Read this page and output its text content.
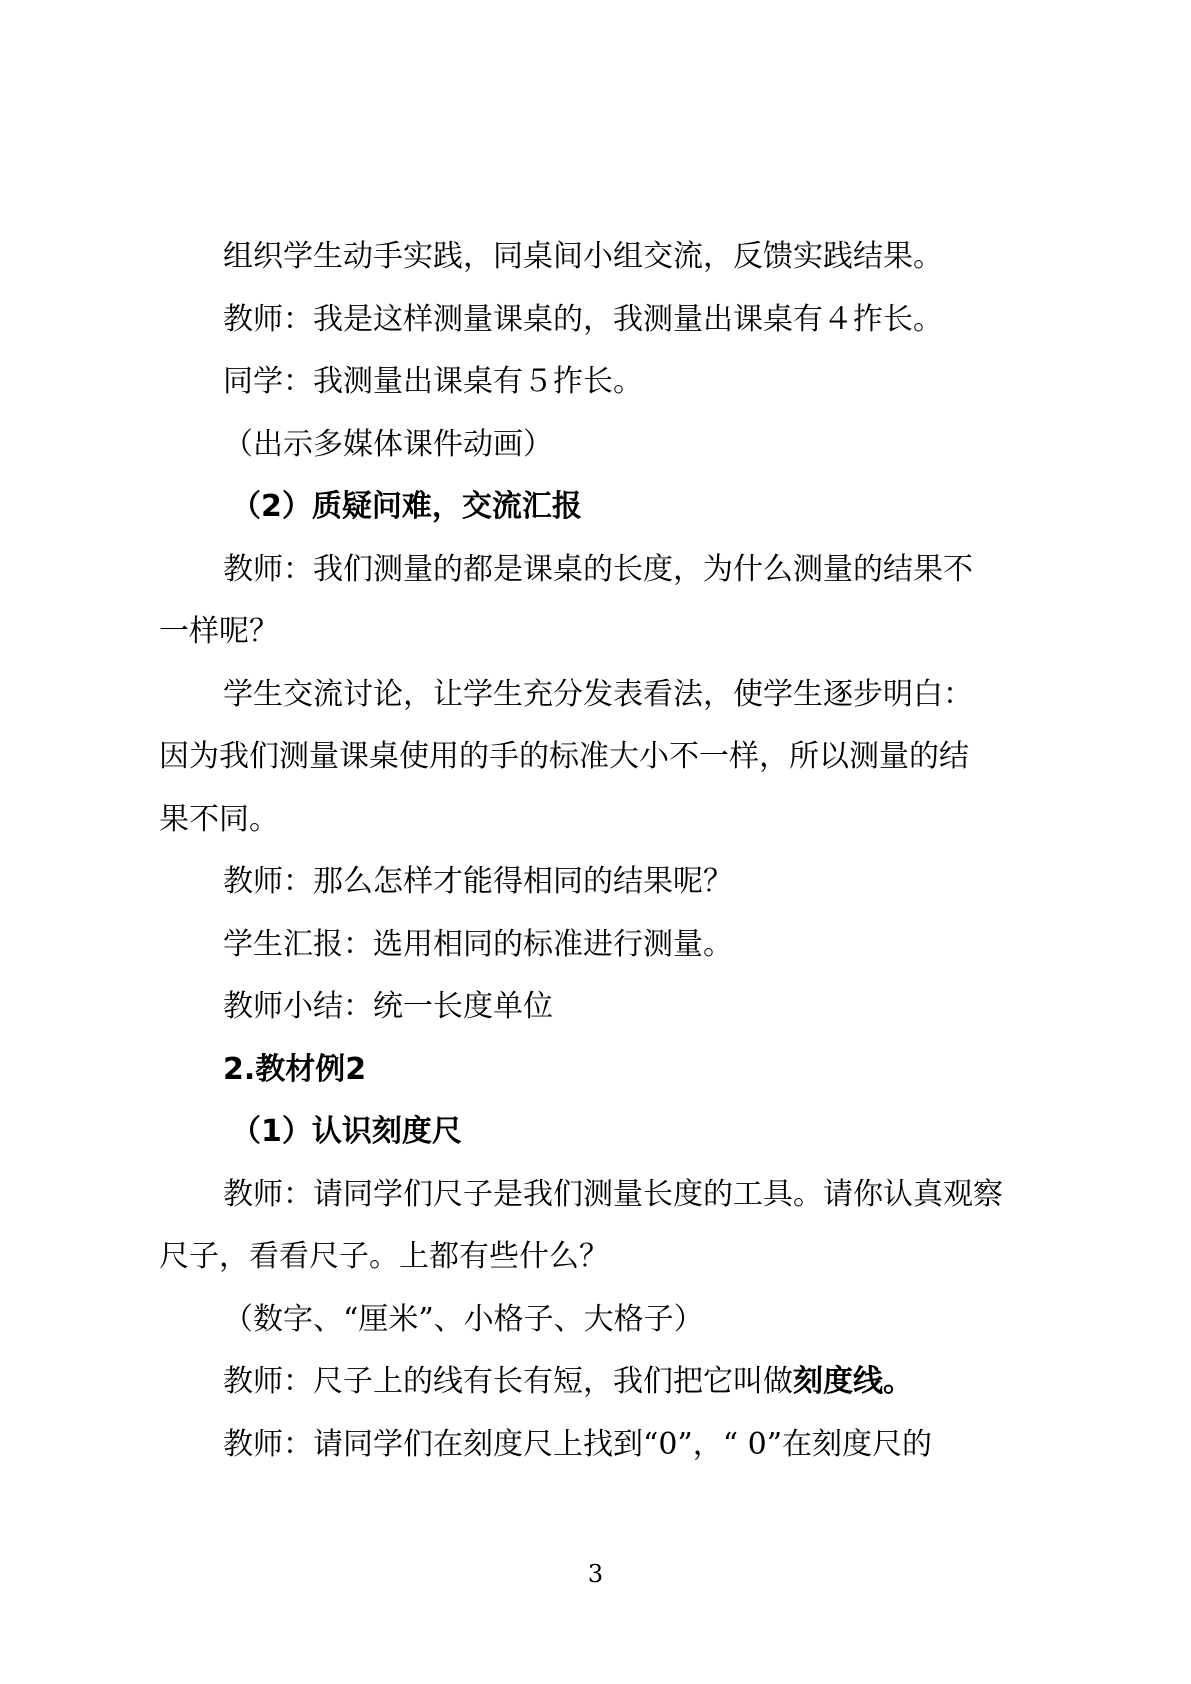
组织学生动手实践，同桌间小组交流，反馈实践结果。

教师：我是这样测量课桌的，我测量出课桌有４拃长。

同学：我测量出课桌有５拃长。

（出示多媒体课件动画）

（2）质疑问难，交流汇报

教师：我们测量的都是课桌的长度，为什么测量的结果不

一样呢？

学生交流讨论，让学生充分发表看法，使学生逐步明白：

因为我们测量课桌使用的手的标准大小不一样，所以测量的结

果不同。

教师：那么怎样才能得相同的结果呢？

学生汇报：选用相同的标准进行测量。

教师小结：统一长度单位

2.教材例2

（1）认识刻度尺

教师：请同学们尺子是我们测量长度的工具。请你认真观察

尺子，看看尺子。上都有些什么？

（数字、“厘米”、小格子、大格子）

教师：尺子上的线有长有短，我们把它叫做刻度线。

教师：请同学们在刻度尺上找到“0”，“ 0”在刻度尺的

3
